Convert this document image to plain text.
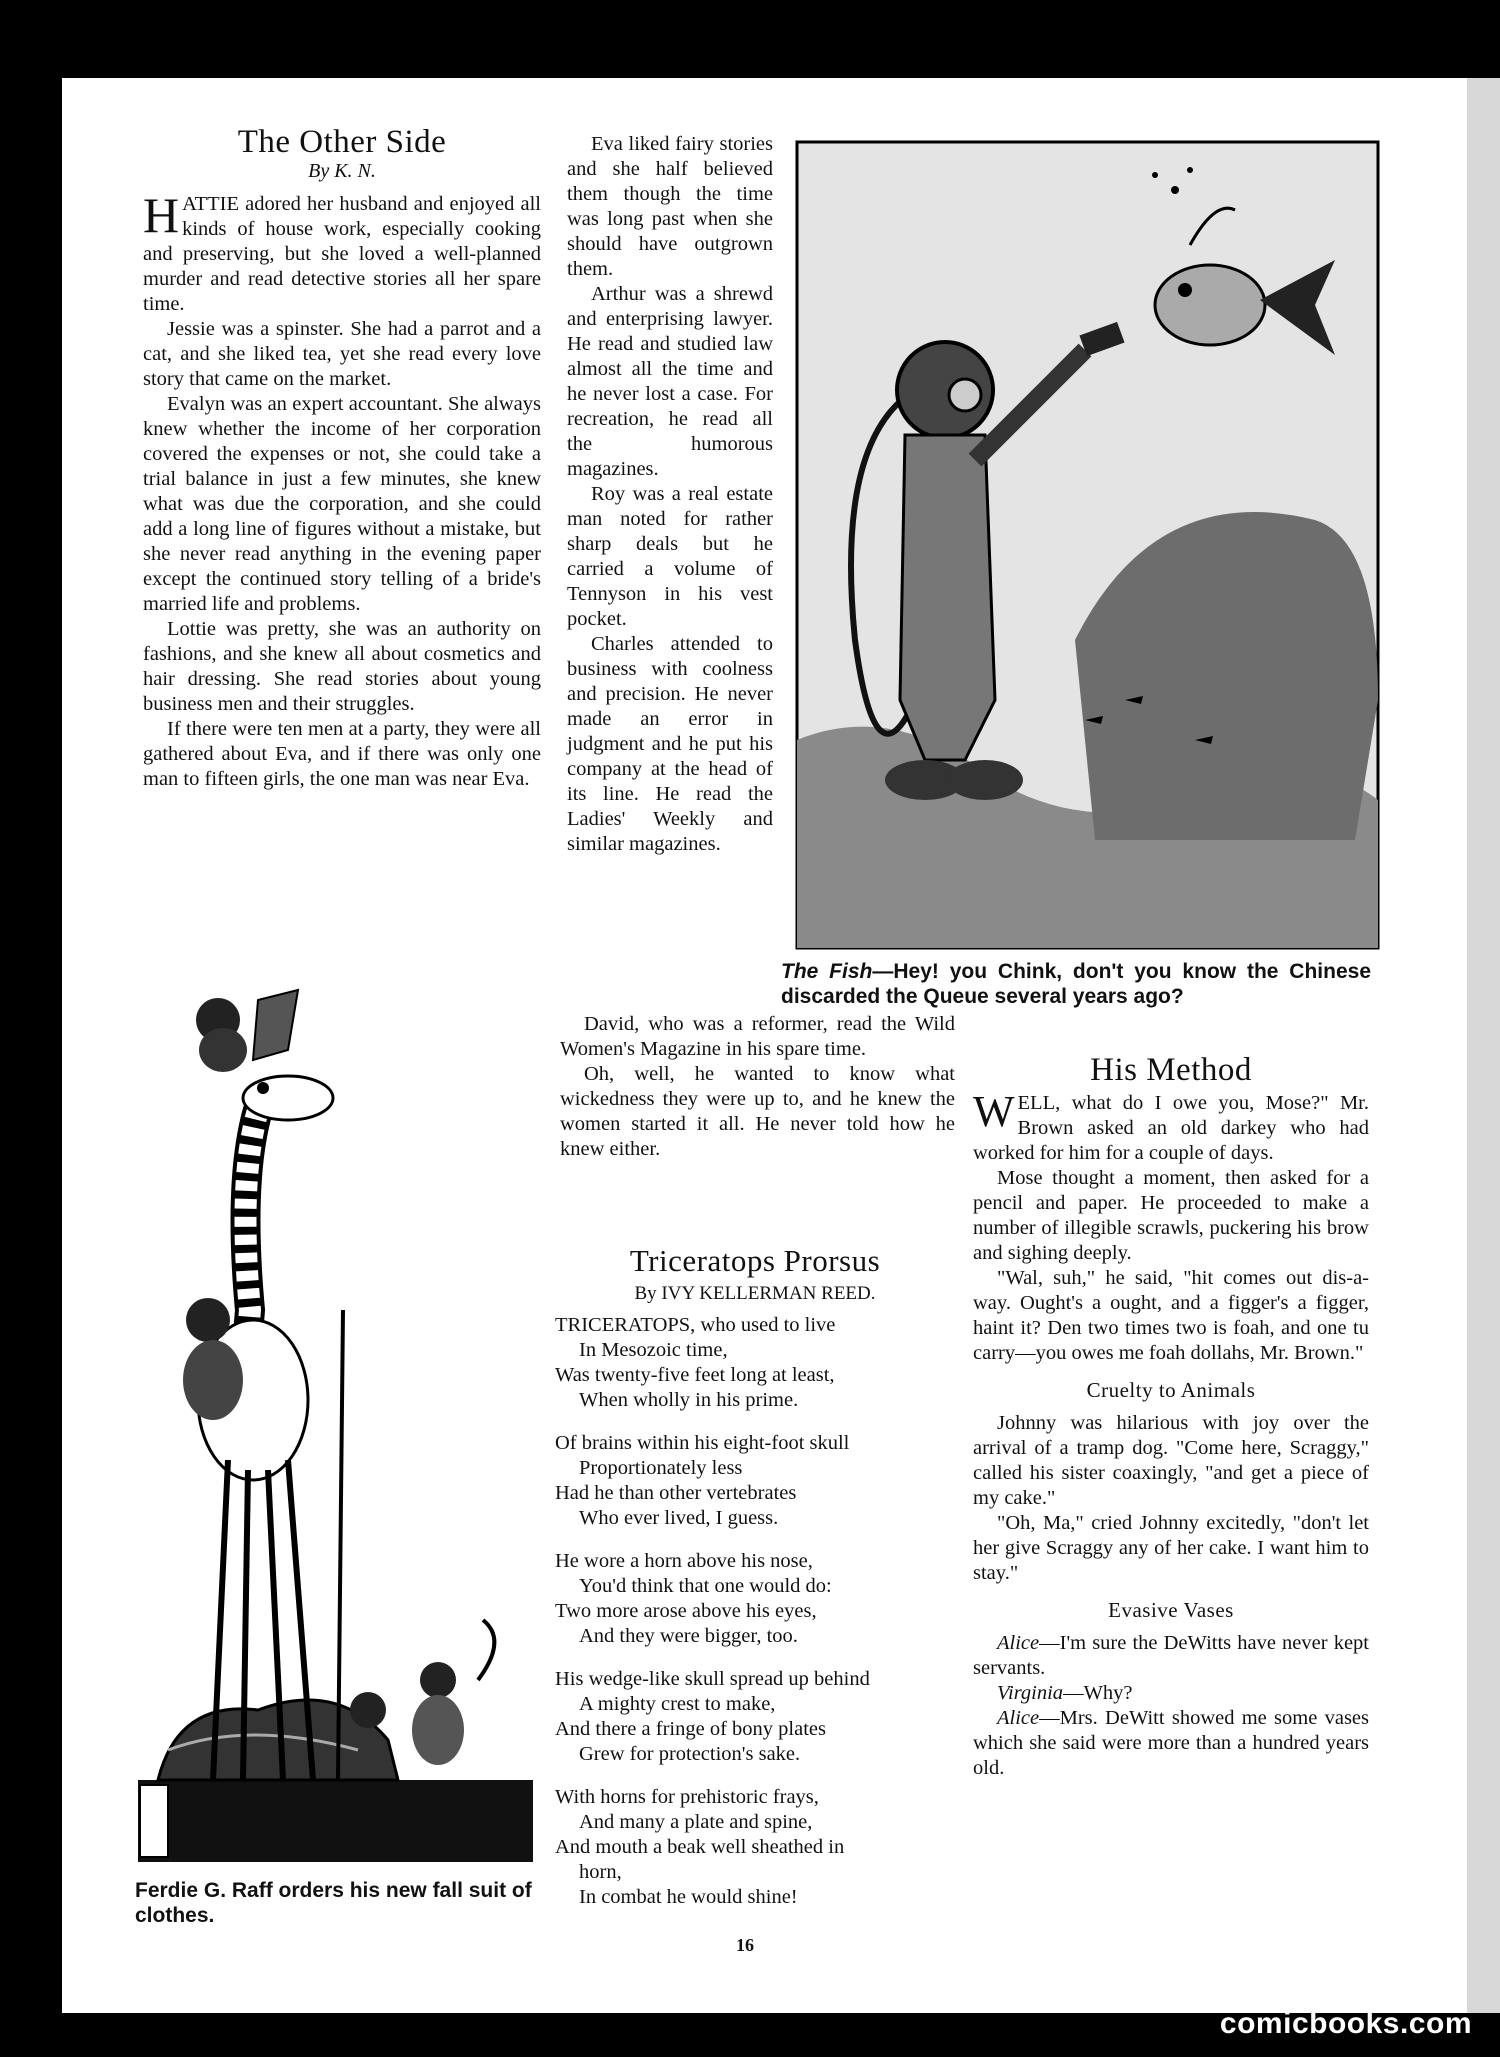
The Other Side
By K. N.

HATTIE adored her husband and enjoyed all kinds of house work, especially cooking and preserving, but she loved a well-planned murder and read detective stories all her spare time.

Jessie was a spinster. She had a parrot and a cat, and she liked tea, yet she read every love story that came on the market.

Evalyn was an expert accountant. She always knew whether the income of her corporation covered the expenses or not, she could take a trial balance in just a few minutes, she knew what was due the corporation, and she could add a long line of figures without a mistake, but she never read anything in the evening paper except the continued story telling of a bride's married life and problems.

Lottie was pretty, she was an authority on fashions, and she knew all about cosmetics and hair dressing. She read stories about young business men and their struggles.

If there were ten men at a party, they were all gathered about Eva, and if there was only one man to fifteen girls, the one man was near Eva.

Eva liked fairy stories and she half believed them though the time was long past when she should have outgrown them.

Arthur was a shrewd and enterprising lawyer. He read and studied law almost all the time and he never lost a case. For recreation, he read all the humorous magazines.

Roy was a real estate man noted for rather sharp deals but he carried a volume of Tennyson in his vest pocket.

Charles attended to business with coolness and precision. He never made an error in judgment and he put his company at the head of its line. He read the Ladies' Weekly and similar magazines.

David, who was a reformer, read the Wild Women's Magazine in his spare time.

Oh, well, he wanted to know what wickedness they were up to, and he knew the women started it all. He never told how he knew either.

Ferdie G. Raff orders his new fall suit of clothes.
The Fish—Hey! you Chink, don't you know the Chinese discarded the Queue several years ago?
Triceratops Prorsus
By IVY KELLERMAN REED.

TRICERATOPS, who used to live

In Mesozoic time,

Was twenty-five feet long at least,

When wholly in his prime.

Of brains within his eight-foot skull

Proportionately less

Had he than other vertebrates

Who ever lived, I guess.

He wore a horn above his nose,

You'd think that one would do:

Two more arose above his eyes,

And they were bigger, too.

His wedge-like skull spread up behind

A mighty crest to make,

And there a fringe of bony plates

Grew for protection's sake.

With horns for prehistoric frays,

And many a plate and spine,

And mouth a beak well sheathed in

horn,

In combat he would shine!

His Method

WELL, what do I owe you, Mose?" Mr. Brown asked an old darkey who had worked for him for a couple of days.

Mose thought a moment, then asked for a pencil and paper. He proceeded to make a number of illegible scrawls, puckering his brow and sighing deeply.

"Wal, suh," he said, "hit comes out dis-a-way. Ought's a ought, and a figger's a figger, haint it? Den two times two is foah, and one tu carry—you owes me foah dollahs, Mr. Brown."

Cruelty to Animals

Johnny was hilarious with joy over the arrival of a tramp dog. "Come here, Scraggy," called his sister coaxingly, "and get a piece of my cake."

"Oh, Ma," cried Johnny excitedly, "don't let her give Scraggy any of her cake. I want him to stay."

Evasive Vases

Alice—I'm sure the DeWitts have never kept servants.

Virginia—Why?

Alice—Mrs. DeWitt showed me some vases which she said were more than a hundred years old.

16
comicbooks.com
